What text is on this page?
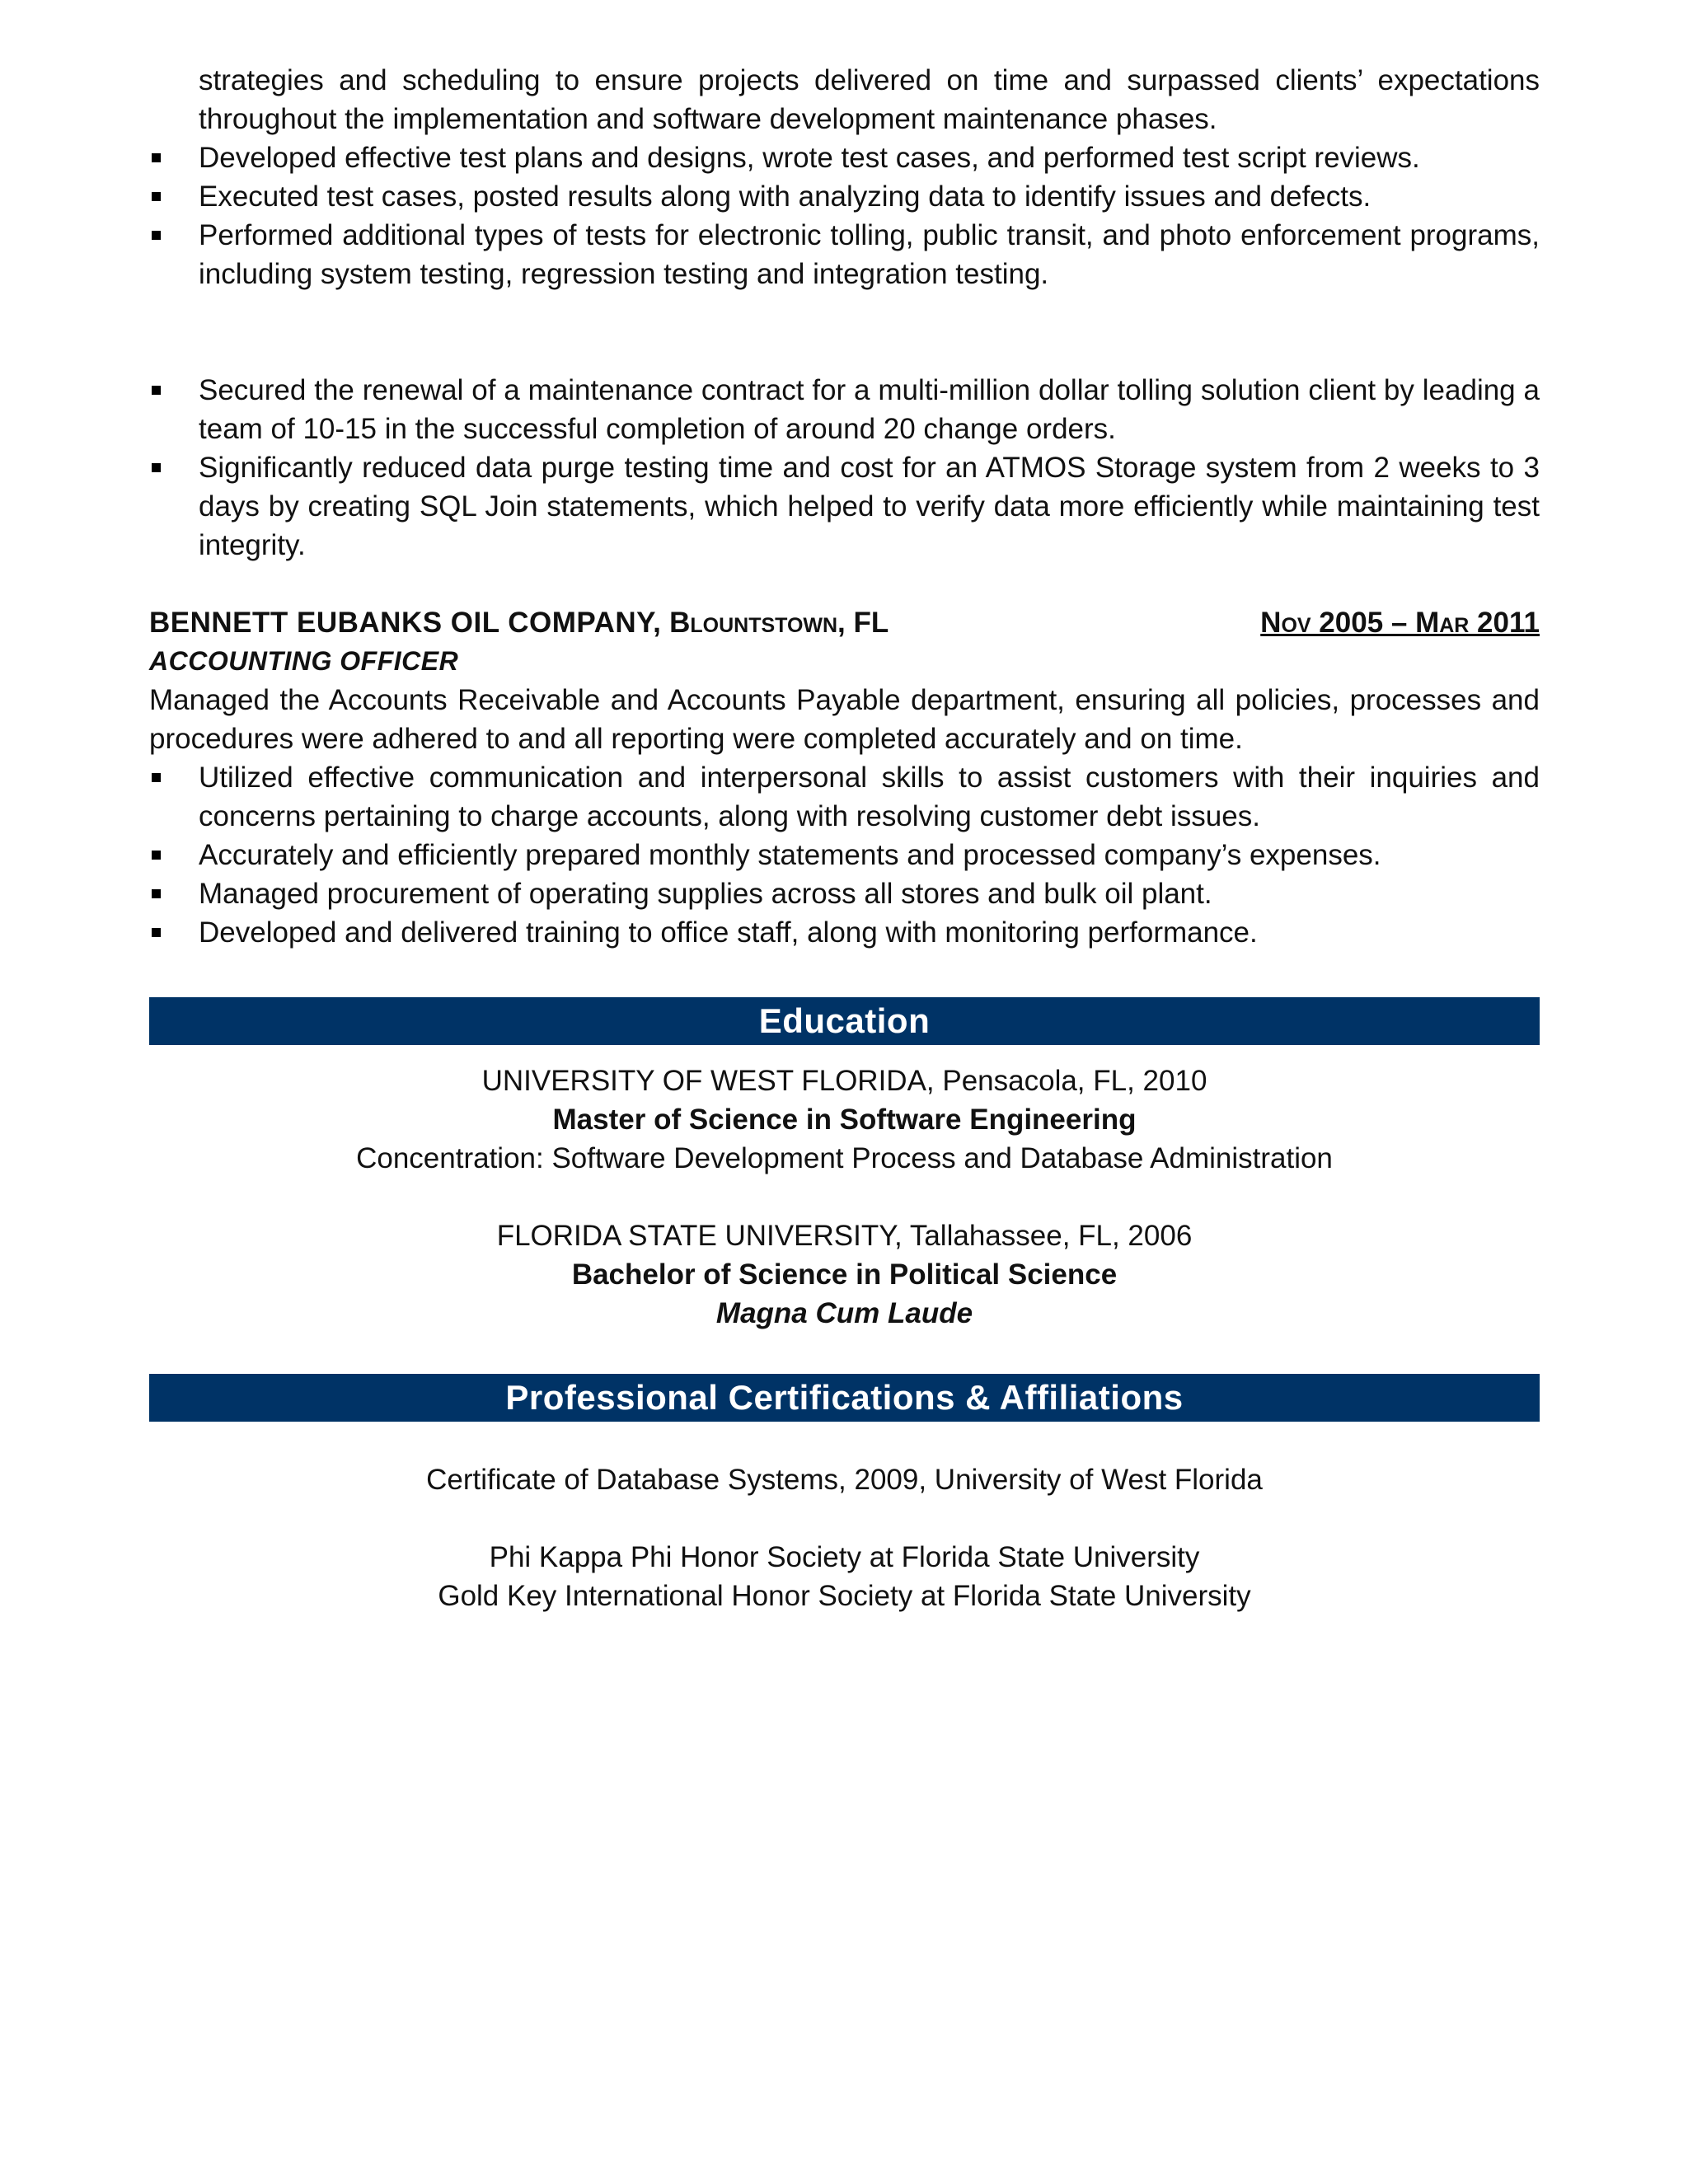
strategies and scheduling to ensure projects delivered on time and surpassed clients’ expectations throughout the implementation and software development maintenance phases.

Developed effective test plans and designs, wrote test cases, and performed test script reviews.
Executed test cases, posted results along with analyzing data to identify issues and defects.
Performed additional types of tests for electronic tolling, public transit, and photo enforcement programs, including system testing, regression testing and integration testing.
Secured the renewal of a maintenance contract for a multi-million dollar tolling solution client by leading a team of 10-15 in the successful completion of around 20 change orders.
Significantly reduced data purge testing time and cost for an ATMOS Storage system from 2 weeks to 3 days by creating SQL Join statements, which helped to verify data more efficiently while maintaining test integrity.
BENNETT EUBANKS OIL COMPANY, Blountstown, FL	Nov 2005 – Mar 2011
ACCOUNTING OFFICER

Managed the Accounts Receivable and Accounts Payable department, ensuring all policies, processes and procedures were adhered to and all reporting were completed accurately and on time.

Utilized effective communication and interpersonal skills to assist customers with their inquiries and concerns pertaining to charge accounts, along with resolving customer debt issues.
Accurately and efficiently prepared monthly statements and processed company’s expenses.
Managed procurement of operating supplies across all stores and bulk oil plant.
Developed and delivered training to office staff, along with monitoring performance.
Education
UNIVERSITY OF WEST FLORIDA, Pensacola, FL, 2010
Master of Science in Software Engineering
Concentration: Software Development Process and Database Administration
FLORIDA STATE UNIVERSITY, Tallahassee, FL, 2006
Bachelor of Science in Political Science
Magna Cum Laude
Professional Certifications & Affiliations
Certificate of Database Systems, 2009, University of West Florida
Phi Kappa Phi Honor Society at Florida State University
Gold Key International Honor Society at Florida State University
